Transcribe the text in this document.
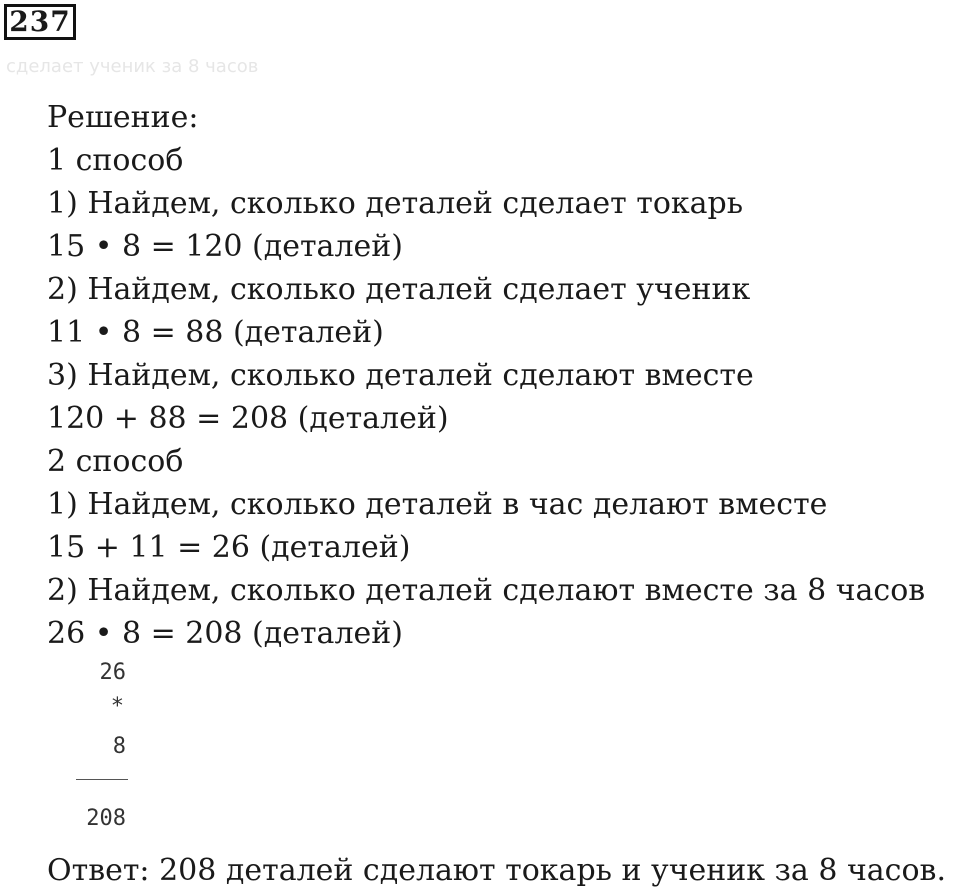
237
сделает ученик за 8 часов
Решение:
1 способ
1) Найдем, сколько деталей сделает токарь
15 • 8 = 120 (деталей)
2) Найдем, сколько деталей сделает ученик
11 • 8 = 88 (деталей)
3) Найдем, сколько деталей сделают вместе
120 + 88 = 208 (деталей)
2 способ
1) Найдем, сколько деталей в час делают вместе
15 + 11 = 26 (деталей)
2) Найдем, сколько деталей сделают вместе за 8 часов
26 • 8 = 208 (деталей)
26
*
8
208
Ответ: 208 деталей сделают токарь и ученик за 8 часов.
